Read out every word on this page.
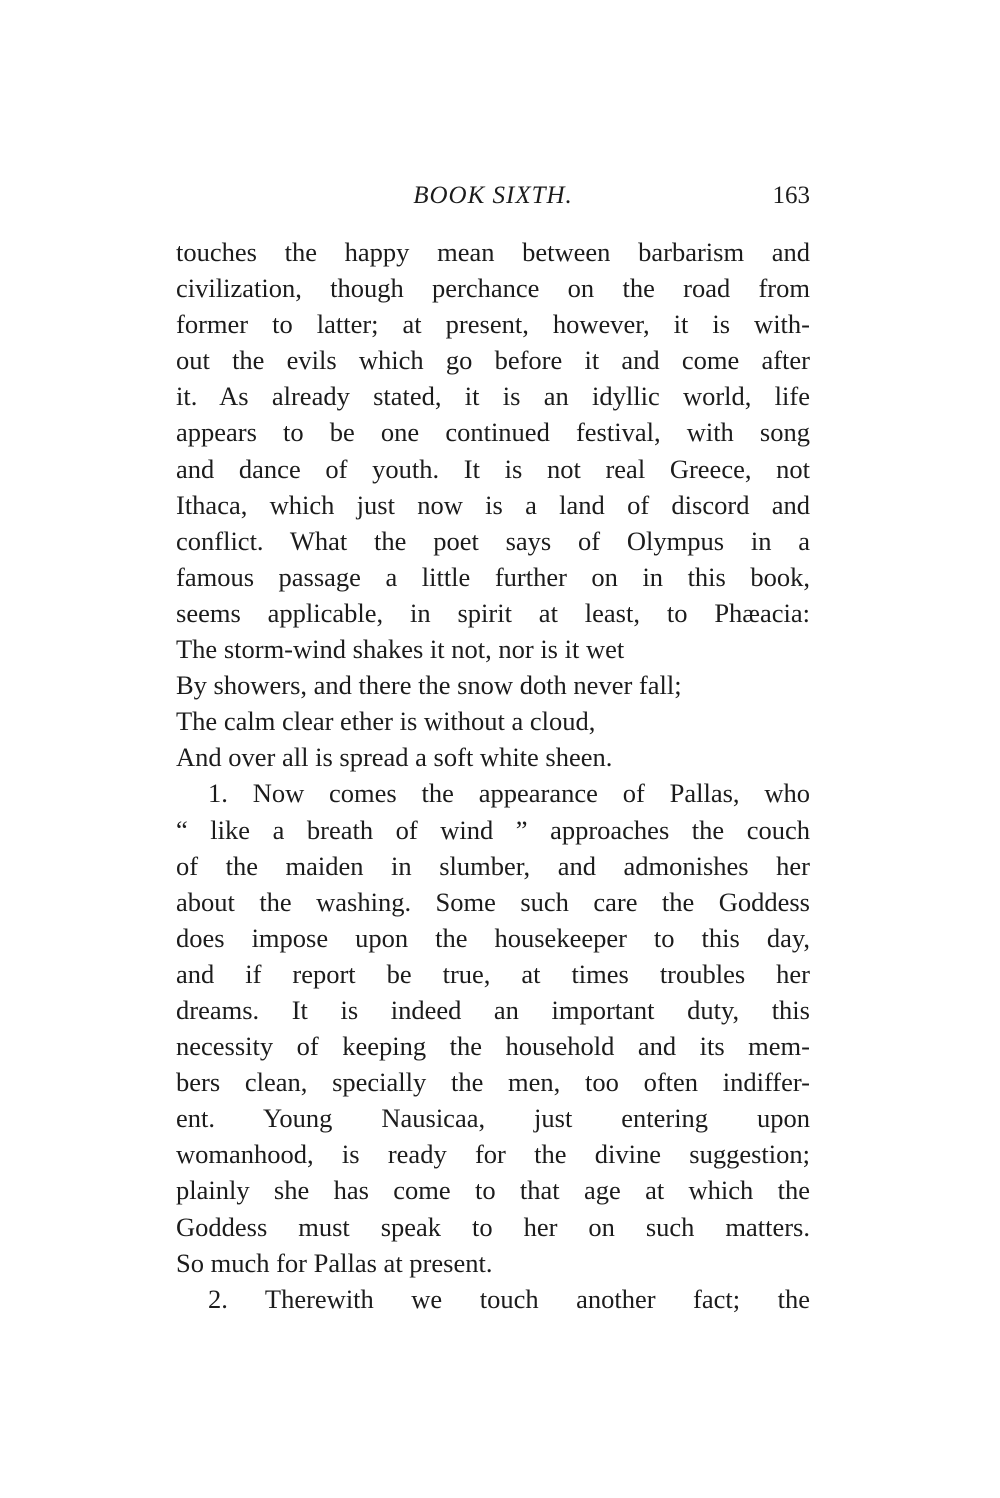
BOOK SIXTH.	163
touches the happy mean between barbarism and
civilization, though perchance on the road from
former to latter; at present, however, it is with-
out the evils which go before it and come after
it. As already stated, it is an idyllic world, life
appears to be one continued festival, with song
and dance of youth. It is not real Greece, not
Ithaca, which just now is a land of discord and
conflict. What the poet says of Olympus in a
famous passage a little further on in this book,
seems applicable, in spirit at least, to Phæacia:
The storm-wind shakes it not, nor is it wet
By showers, and there the snow doth never fall;
The calm clear ether is without a cloud,
And over all is spread a soft white sheen.
1. Now comes the appearance of Pallas, who
“ like a breath of wind ” approaches the couch
of the maiden in slumber, and admonishes her
about the washing. Some such care the Goddess
does impose upon the housekeeper to this day,
and if report be true, at times troubles her
dreams. It is indeed an important duty, this
necessity of keeping the household and its mem-
bers clean, specially the men, too often indiffer-
ent. Young Nausicaa, just entering upon
womanhood, is ready for the divine suggestion;
plainly she has come to that age at which the
Goddess must speak to her on such matters.
So much for Pallas at present.
2. Therewith we touch another fact; the
